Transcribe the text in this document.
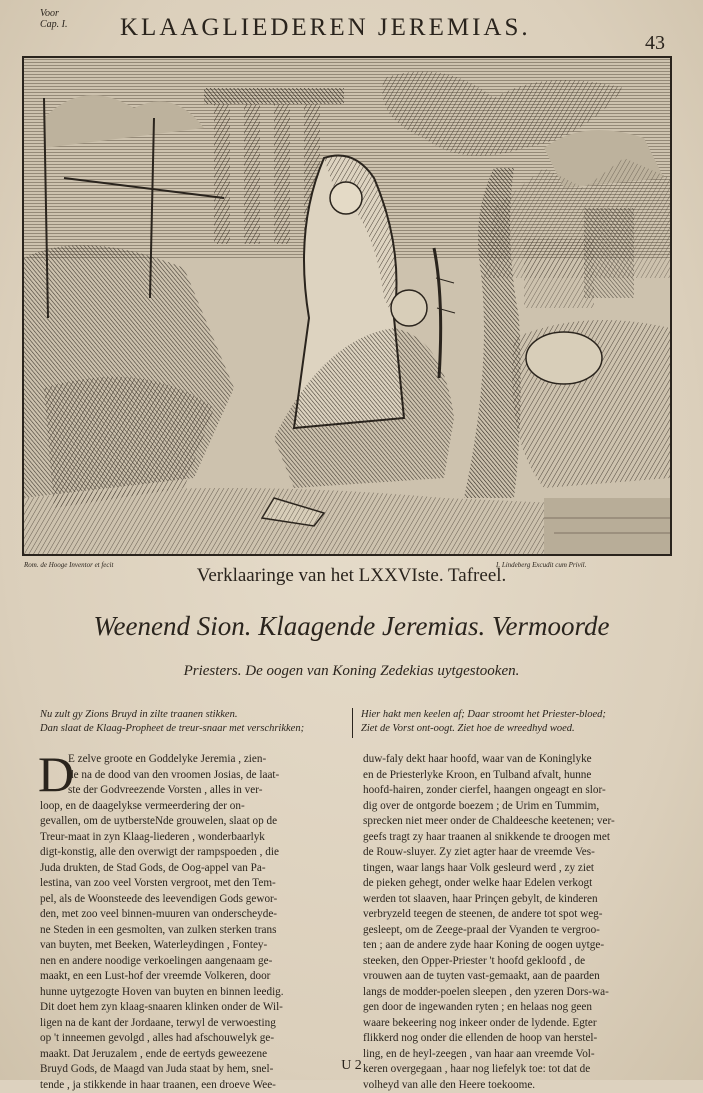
Voor
Cap. I. KLAAGLIEDEREN JEREMIAS.
43
Rom. de Hooge Inventor et fecit	I. Lindeberg Excudit cum Privil.
Verklaaringe van het LXXVIste. Tafreel.
Weenend Sion. Klaagende Jeremias. Vermoorde
Priesters. De oogen van Koning Zedekias uytgestooken.
Nu zult gy Zions Bruyd in zilte traanen stikken.
Dan slaat de Klaag-Propheet de treur-snaar met verschrikken;
Hier hakt men keelen af; Daar stroomt het Priester-bloed;
Ziet de Vorst ont-oogt. Ziet hoe de wreedhyd woed.
D
E zelve groote en Goddelyke Jeremia , zien-
de na de dood van den vroomen Josias, de laat-
ste der Godvreezende Vorsten , alles in ver-
loop, en de daagelykse vermeerdering der on-
gevallen, om de uytbersteNde grouwelen, slaat op de
Treur-maat in zyn Klaag-liederen , wonderbaarlyk
digt-konstig, alle den overwigt der rampspoeden , die
Juda drukten, de Stad Gods, de Oog-appel van Pa-
lestina, van zoo veel Vorsten vergroot, met den Tem-
pel, als de Woonsteede des leevendigen Gods gewor-
den, met zoo veel binnen-muuren van onderscheyde-
ne Steden in een gesmolten, van zulken sterken trans
van buyten, met Beeken, Waterleydingen , Fontey-
nen en andere noodige verkoelingen aangenaam ge-
maakt, en een Lust-hof der vreemde Volkeren, door
hunne uytgezogte Hoven van buyten en binnen leedig.
Dit doet hem zyn klaag-snaaren klinken onder de Wil-
ligen na de kant der Jordaane, terwyl de verwoesting
op 't inneemen gevolgd , alles had afschouwelyk ge-
maakt. Dat Jeruzalem , ende de eertyds geweezene
Bruyd Gods, de Maagd van Juda staat by hem, snel-
tende , ja stikkende in haar traanen, een droeve Wee-
duw-faly dekt haar hoofd, waar van de Koninglyke
en de Priesterlyke Kroon, en Tulband afvalt, hunne
hoofd-hairen, zonder cierfel, haangen ongeagt en slor-
dig over de ontgorde boezem ; de Urim en Tummim,
sprecken niet meer onder de Chaldeesche keetenen; ver-
geefs tragt zy haar traanen al snikkende te droogen met
de Rouw-sluyer. Zy ziet agter haar de vreemde Ves-
tingen, waar langs haar Volk gesleurd werd , zy ziet
de pieken gehegt, onder welke haar Edelen verkogt
werden tot slaaven, haar Prinçen gebylt, de kinderen
verbryzeld teegen de steenen, de andere tot spot weg-
gesleept, om de Zeege-praal der Vyanden te vergroo-
ten ; aan de andere zyde haar Koning de oogen uytge-
steeken, den Opper-Priester 't hoofd gekloofd , de
vrouwen aan de tuyten vast-gemaakt, aan de paarden
langs de modder-poelen sleepen , den yzeren Dors-wa-
gen door de ingewanden ryten ; en helaas nog geen
waare bekeering nog inkeer onder de lydende. Egter
flikkerd nog onder die ellenden de hoop van herstel-
ling, en de heyl-zeegen , van haar aan vreemde Vol-
keren overgegaan , haar nog liefelyk toe: tot dat de
volheyd van alle den Heere toekoome.
U 2
